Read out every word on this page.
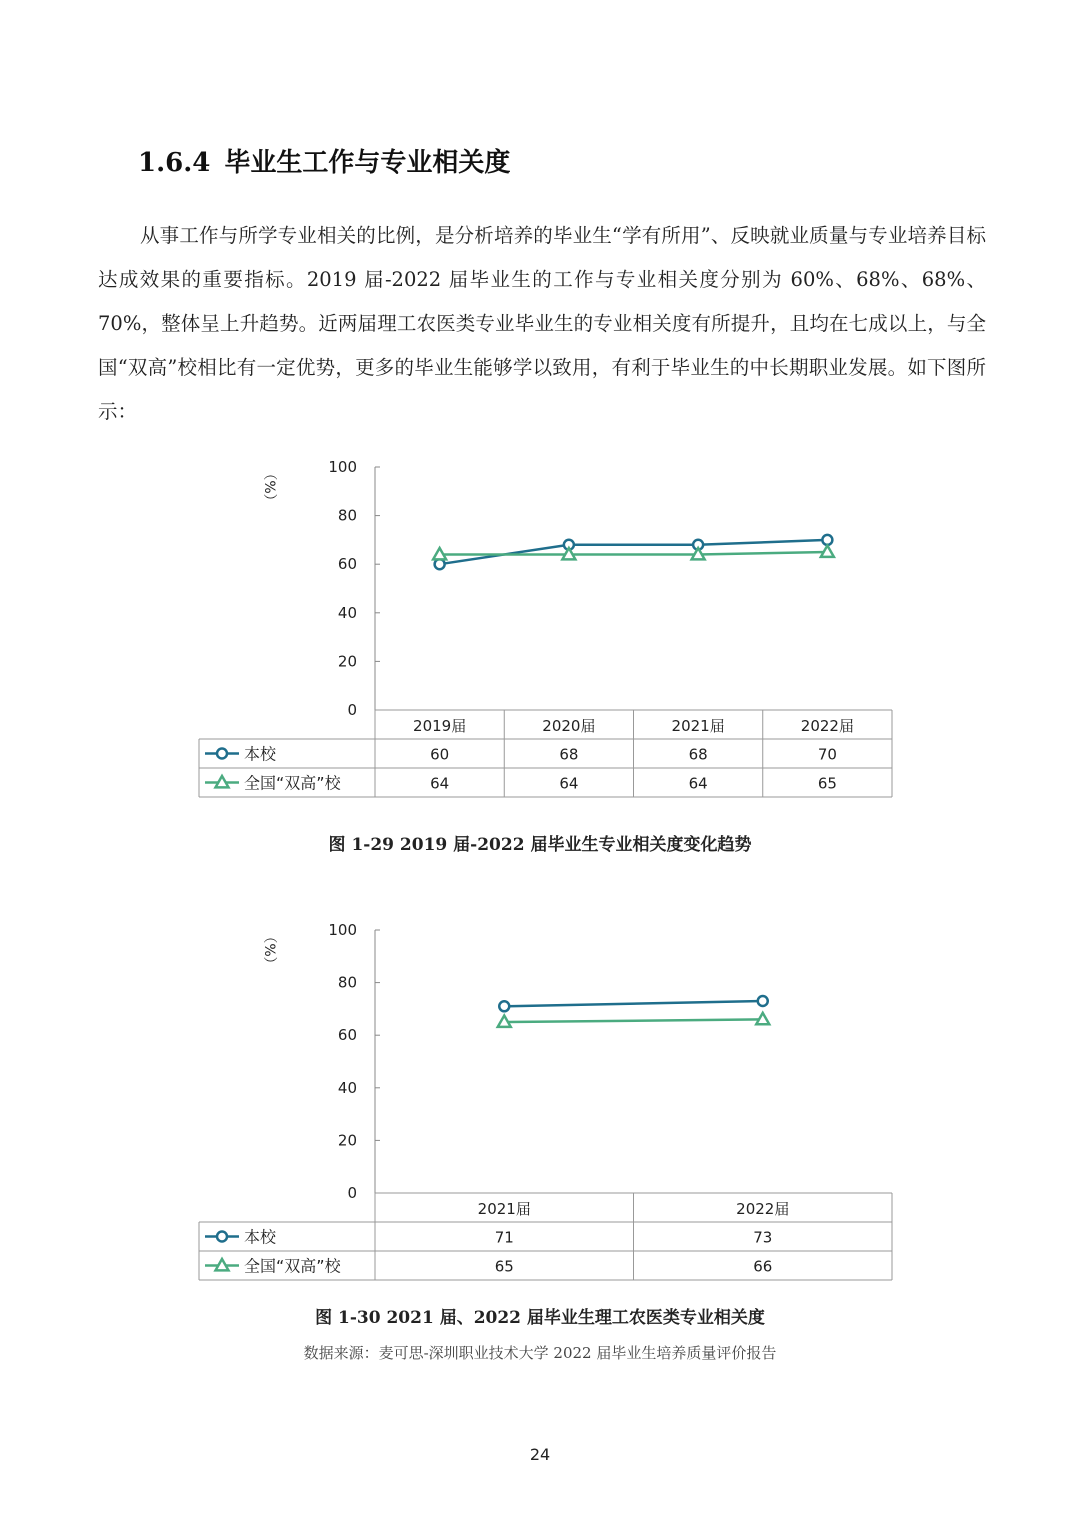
1.6.4 毕业生工作与专业相关度
从事工作与所学专业相关的比例，是分析培养的毕业生“学有所用”、反映就业质量与专业培养目标达成效果的重要指标。2019 届-2022 届毕业生的工作与专业相关度分别为 60%、68%、68%、70%，整体呈上升趋势。近两届理工农医类专业毕业生的专业相关度有所提升，且均在七成以上，与全国“双高”校相比有一定优势，更多的毕业生能够学以致用，有利于毕业生的中长期职业发展。如下图所示：
（%）	100
80
60
40
20
0
2019届	2020届	2021届	2022届
本校	60	68	68	70
全国“双高”校	64	64	64	65
图 1-29 2019 届-2022 届毕业生专业相关度变化趋势
（%）	100
80
60
40
20
0
2021届	2022届
本校	71	73
全国“双高”校	65	66
图 1-30 2021 届、2022 届毕业生理工农医类专业相关度
数据来源：麦可思-深圳职业技术大学 2022 届毕业生培养质量评价报告
24
